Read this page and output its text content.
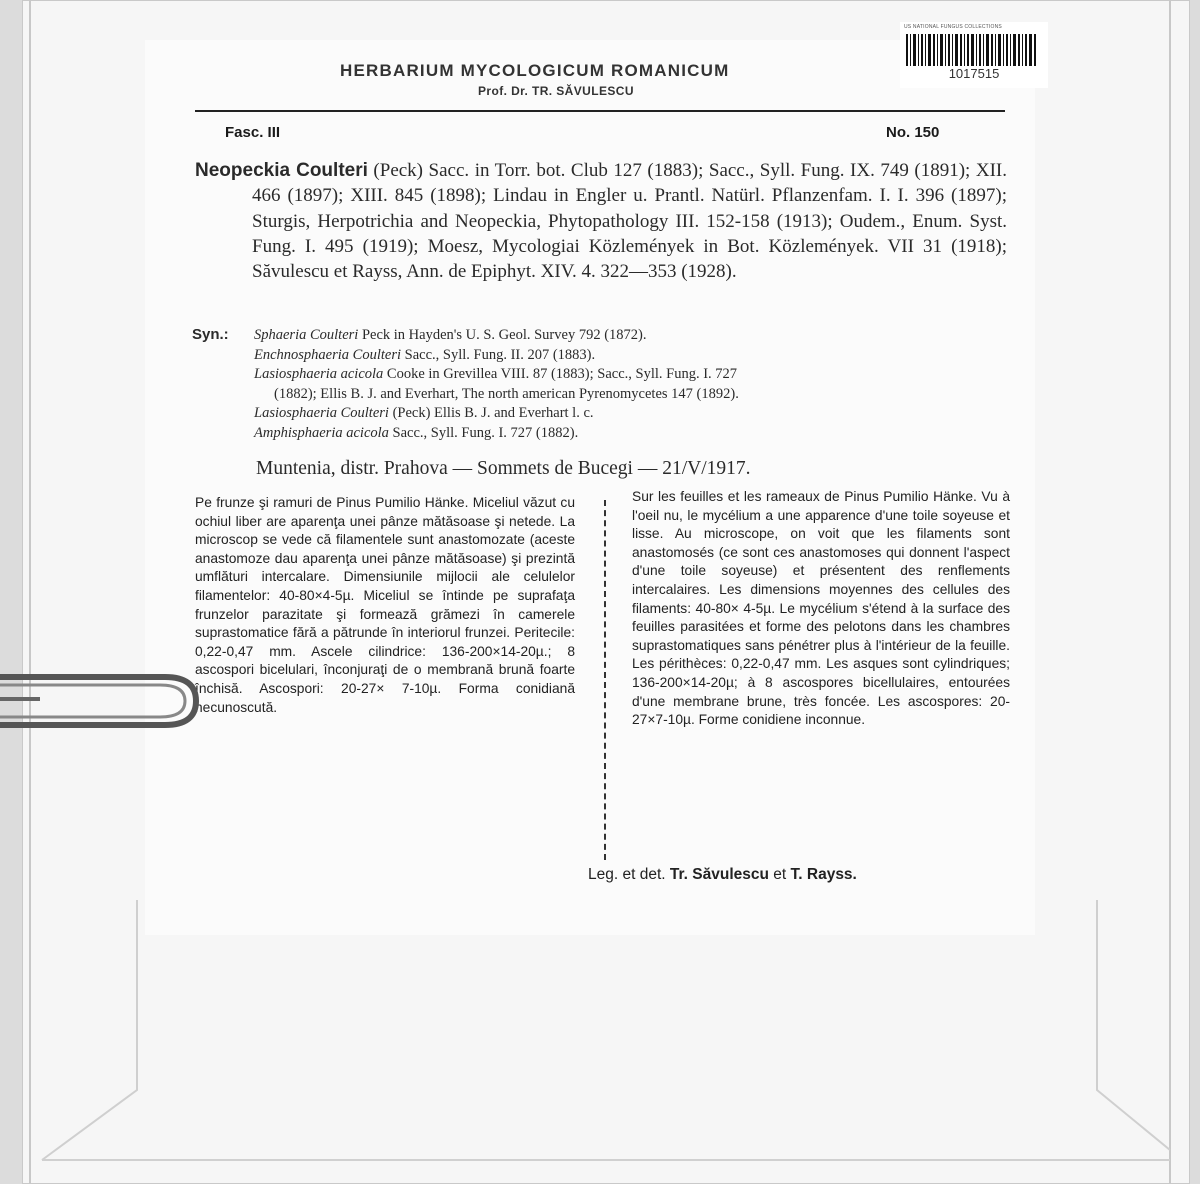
US NATIONAL FUNGUS COLLECTIONS
1017515
HERBARIUM MYCOLOGICUM ROMANICUM
Prof. Dr. TR. SĂVULESCU
Fasc. III	No. 150
Neopeckia Coulteri (Peck) Sacc. in Torr. bot. Club 127 (1883); Sacc., Syll. Fung. IX. 749 (1891); XII. 466 (1897); XIII. 845 (1898); Lindau in Engler u. Prantl. Natürl. Pflanzenfam. I. I. 396 (1897); Sturgis, Herpotrichia and Neopeckia, Phytopathology III. 152-158 (1913); Oudem., Enum. Syst. Fung. I. 495 (1919); Moesz, Mycologiai Közlemények in Bot. Közlemények. VII 31 (1918); Săvulescu et Rayss, Ann. de Epiphyt. XIV. 4. 322—353 (1928).
Syn.: Sphaeria Coulteri Peck in Hayden's U. S. Geol. Survey 792 (1872).
Enchnosphaeria Coulteri Sacc., Syll. Fung. II. 207 (1883).
Lasiosphaeria acicola Cooke in Grevillea VIII. 87 (1883); Sacc., Syll. Fung. I. 727
(1882); Ellis B. J. and Everhart, The north american Pyrenomycetes 147 (1892).
Lasiosphaeria Coulteri (Peck) Ellis B. J. and Everhart l. c.
Amphisphaeria acicola Sacc., Syll. Fung. I. 727 (1882).
Muntenia, distr. Prahova — Sommets de Bucegi — 21/V/1917.
Pe frunze şi ramuri de Pinus Pumilio Hänke. Miceliul văzut cu ochiul liber are aparenţa unei pânze mătăsoase şi netede. La microscop se vede că filamentele sunt anastomozate (aceste anastomoze dau aparenţa unei pânze mătăsoase) şi prezintă umflături intercalare. Dimensiunile mijlocii ale celulelor filamentelor: 40-80×4-5µ. Miceliul se întinde pe suprafaţa frunzelor parazitate şi formează grămezi în camerele suprastomatice fără a pătrunde în interiorul frunzei. Peritecile: 0,22-0,47 mm. Ascele cilindrice: 136-200×14-20µ.; 8 ascospori bicelulari, înconjuraţi de o membrană brună foarte închisă. Ascospori: 20-27× 7-10µ. Forma conidiană necunoscută.
Sur les feuilles et les rameaux de Pinus Pumilio Hänke. Vu à l'oeil nu, le mycélium a une apparence d'une toile soyeuse et lisse. Au microscope, on voit que les filaments sont anastomosés (ce sont ces anastomoses qui donnent l'aspect d'une toile soyeuse) et présentent des renflements intercalaires. Les dimensions moyennes des cellules des filaments: 40-80× 4-5µ. Le mycélium s'étend à la surface des feuilles parasitées et forme des pelotons dans les chambres suprastomatiques sans pénétrer plus à l'intérieur de la feuille. Les périthèces: 0,22-0,47 mm. Les asques sont cylindriques; 136-200×14-20µ; à 8 ascospores bicellulaires, entourées d'une membrane brune, très foncée. Les ascospores: 20-27×7-10µ. Forme conidiene inconnue.
Leg. et det. Tr. Săvulescu et T. Rayss.
